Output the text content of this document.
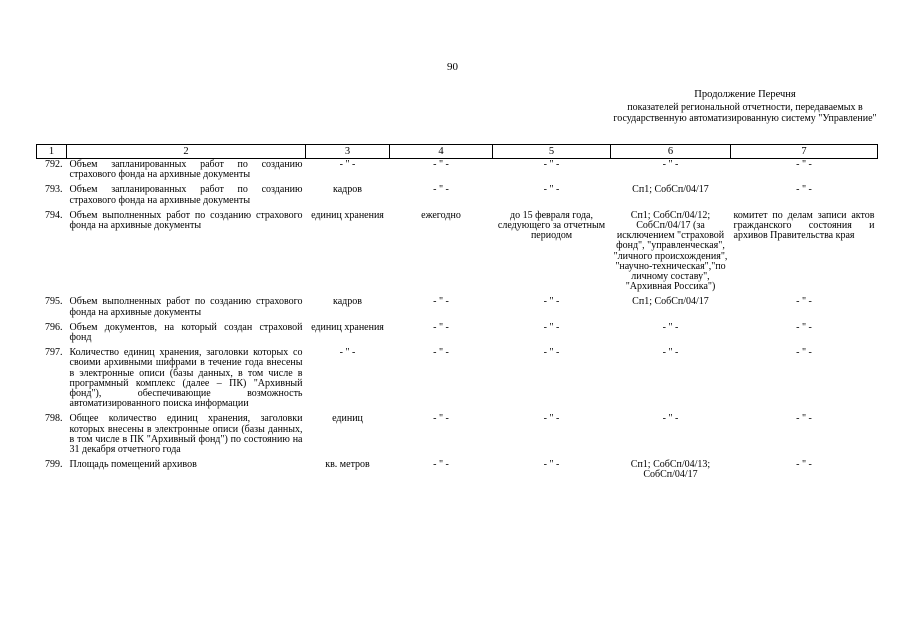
90
Продолжение Перечня
показателей региональной отчетности, передаваемых в государственную автоматизированную систему "Управление"
1	2	3	4	5	6	7
792.	Объем запланированных работ по созданию страхового фонда на архивные документы	- " -	- " -	- " -	- " -	- " -
793.	Объем запланированных работ по созданию страхового фонда на архивные документы	кадров	- " -	- " -	Сп1; СобСп/04/17	- " -
794.	Объем выполненных работ по созданию страхового фонда на архивные документы	единиц хранения	ежегодно	до 15 февраля года, следующего за отчетным периодом	Сп1; СобСп/04/12; СобСп/04/17 (за исключением "страховой фонд", "управленческая", "личного происхождения", "научно-техническая","по личному составу", "Архивная Россика")	комитет по делам записи актов гражданского состояния и архивов Правительства края
795.	Объем выполненных работ по созданию страхового фонда на архивные документы	кадров	- " -	- " -	Сп1; СобСп/04/17	- " -
796.	Объем документов, на который создан страховой фонд	единиц хранения	- " -	- " -	- " -	- " -
797.	Количество единиц хранения, заголовки которых со своими архивными шифрами в течение года внесены в электронные описи (базы данных, в том числе в программный комплекс (далее – ПК) "Архивный фонд"), обеспечивающие возможность автоматизированного поиска информации	- " -	- " -	- " -	- " -	- " -
798.	Общее количество единиц хранения, заголовки которых внесены в электронные описи (базы данных, в том числе в ПК "Архивный фонд") по состоянию на 31 декабря отчетного года	единиц	- " -	- " -	- " -	- " -
799.	Площадь помещений архивов	кв. метров	- " -	- " -	Сп1; СобСп/04/13; СобСп/04/17	- " -
